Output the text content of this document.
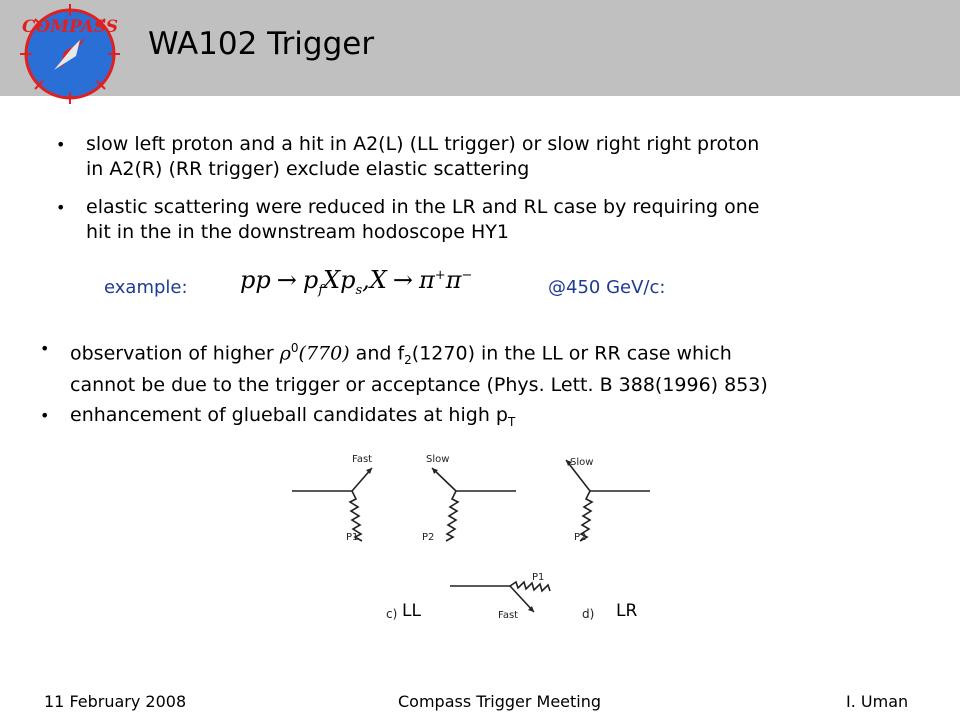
COMPASS WA102 Trigger
• slow left proton and a hit in A2(L) (LL trigger) or slow right right proton
in A2(R) (RR trigger) exclude elastic scattering
• elastic scattering were reduced in the LR and RL case by requiring one
hit in the in the downstream hodoscope HY1
example: pp → $p_fXp_s,X \to \pi^+\pi^-$
@450 GeV/c:
• observation of higher $\rho^0(770)$ and $f_2(1270)$ in the LL or RR case which
cannot be due to the trigger or acceptance (Phys. Lett. B 388(1996) 853)
• enhancement of glueball candidates at high $p_T$
Fast	Slow	Slow
P1	P2	P2
P1
Fast
c) LL	d) LR
11 February 2008	Compass Trigger Meeting	I. Uman
